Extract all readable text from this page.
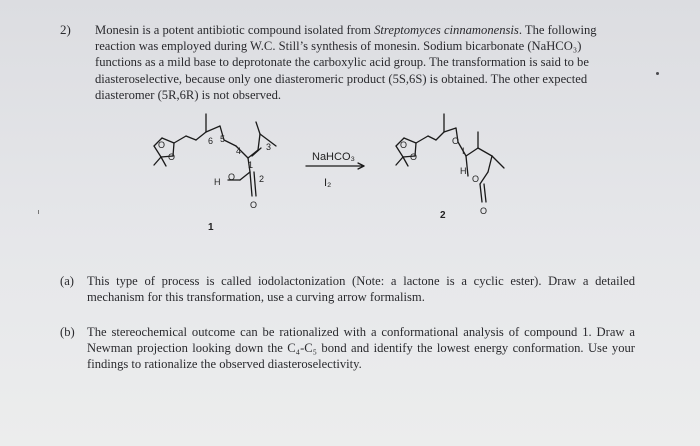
2) Monesin is a potent antibiotic compound isolated from Streptomyces cinnamonensis. The following reaction was employed during W.C. Still’s synthesis of monesin. Sodium bicarbonate (NaHCO₃) functions as a mild base to deprotonate the carboxylic acid group. The transformation is said to be diasteroselective, because only one diasteromeric product (5S,6S) is obtained. The other expected diasteromer (5R,6R) is not observed.

O
O
6 5
4	3
1
2
H O
O
1
NaHCO₃
I₂
O
O
O
I
H
O
O
2
(a) This type of process is called iodolactonization (Note: a lactone is a cyclic ester). Draw a detailed mechanism for this transformation, use a curving arrow formalism.
(b) The stereochemical outcome can be rationalized with a conformational analysis of compound 1. Draw a Newman projection looking down the C₄-C₅ bond and identify the lowest energy conformation. Use your findings to rationalize the observed diasteroselectivity.
